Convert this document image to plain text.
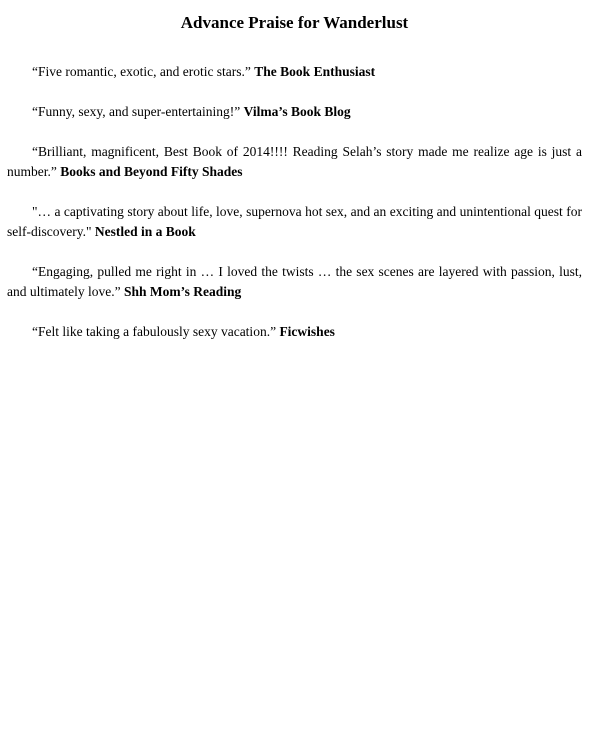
Advance Praise for Wanderlust

“Five romantic, exotic, and erotic stars.” The Book Enthusiast

“Funny, sexy, and super-entertaining!” Vilma’s Book Blog

“Brilliant, magnificent, Best Book of 2014!!!! Reading Selah’s story made me realize age is just a number.” Books and Beyond Fifty Shades

"… a captivating story about life, love, supernova hot sex, and an exciting and unintentional quest for self-discovery." Nestled in a Book

“Engaging, pulled me right in … I loved the twists … the sex scenes are layered with passion, lust, and ultimately love.” Shh Mom’s Reading

“Felt like taking a fabulously sexy vacation.” Ficwishes
